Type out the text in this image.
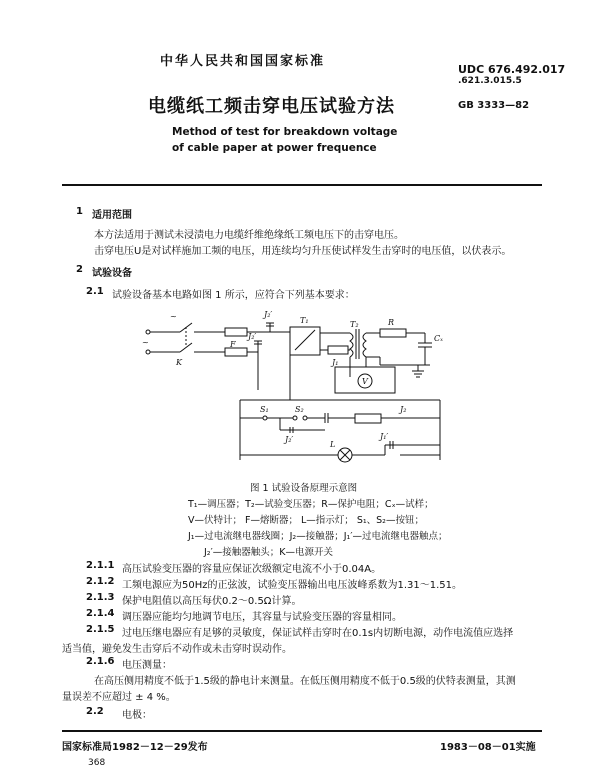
中华人民共和国国家标准
UDC 676.492.017
.621.3.015.5
电缆纸工频击穿电压试验方法	GB 3333—82
Method of test for breakdown voltage
of cable paper at power frequence
1 适用范围
本方法适用于测试未浸渍电力电缆纤维绝缘纸工频电压下的击穿电压。
击穿电压U是对试样施加工频的电压，用连续均匀升压使试样发生击穿时的电压值，以伏表示。
2 试验设备
2.1 试验设备基本电路如图 1 所示，应符合下列基本要求：
~
~
K
F
J₂′
J₂′
T₁	T₂	R
Cₓ
J₁
V
S₁	S₂	J₂
J₂′
L
J₁′
图 1 试验设备原理示意图
T₁—调压器；T₂—试验变压器；R—保护电阻；Cₓ—试样；
V—伏特计； F—熔断器； L—指示灯； S₁、S₂—按钮；
J₁—过电流继电器线圈；J₂—接触器；J₁′—过电流继电器触点；
J₂′—接触器触头；K—电源开关
2.1.1 高压试验变压器的容量应保证次级额定电流不小于0.04A。
2.1.2 工频电源应为50Hz的正弦波，试验变压器输出电压波峰系数为1.31～1.51。
2.1.3 保护电阻值以高压每伏0.2～0.5Ω计算。
2.1.4 调压器应能均匀地调节电压，其容量与试验变压器的容量相同。
2.1.5 过电压继电器应有足够的灵敏度，保证试样击穿时在0.1s内切断电源，动作电流值应选择
适当值，避免发生击穿后不动作或未击穿时误动作。
2.1.6 电压测量：
在高压侧用精度不低于1.5级的静电计来测量。在低压侧用精度不低于0.5级的伏特表测量，其测
量误差不应超过 ± 4 %。
2.2 电极：
国家标准局1982－12－29发布	1983－08－01实施
368
